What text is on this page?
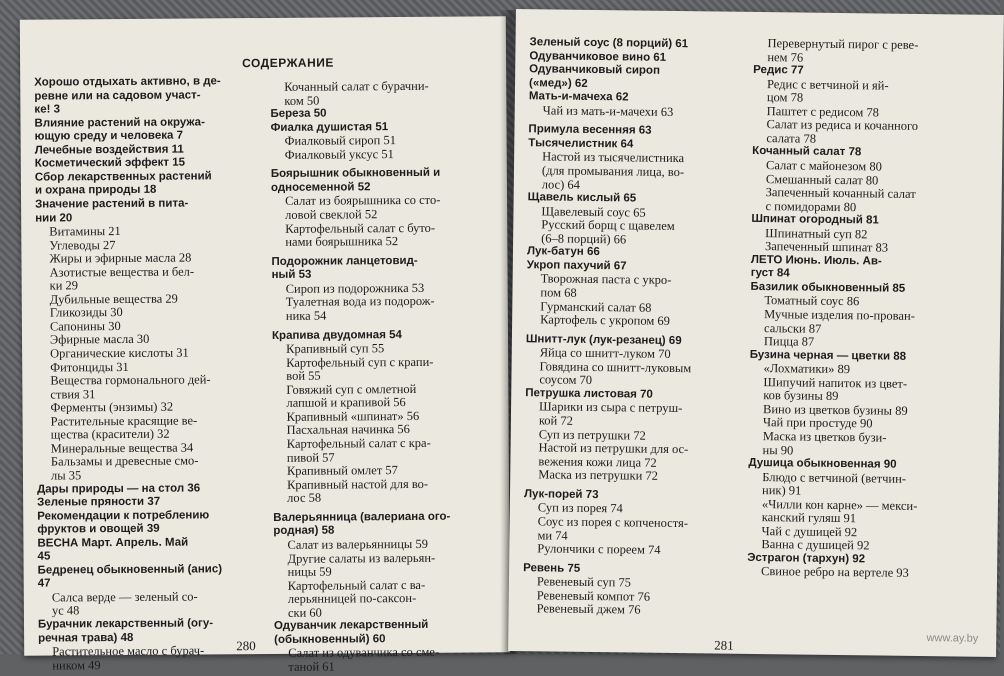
СОДЕРЖАНИЕ
Хорошо отдыхать активно, в де-
ревне или на садовом участ-
ке! 3
Влияние растений на окружа-
ющую среду и человека 7
Лечебные воздействия 11
Косметический эффект 15
Сбор лекарственных растений
и охрана природы 18
Значение растений в пита-
нии 20
Витамины 21
Углеводы 27
Жиры и эфирные масла 28
Азотистые вещества и бел-
ки 29
Дубильные вещества 29
Гликозиды 30
Сапонины 30
Эфирные масла 30
Органические кислоты 31
Фитонциды 31
Вещества гормонального дей-
ствия 31
Ферменты (энзимы) 32
Растительные красящие ве-
щества (красители) 32
Минеральные вещества 34
Бальзамы и древесные смо-
лы 35
Дары природы — на стол 36
Зеленые пряности 37
Рекомендации к потреблению
фруктов и овощей 39
ВЕСНА Март. Апрель. Май
45
Бедренец обыкновенный (анис)
47
Салса верде — зеленый со-
ус 48
Бурачник лекарственный (огу-
речная трава) 48
Растительное масло с бурач-
ником 49
Кочанный салат с бурачни-
ком 50
Береза 50
Фиалка душистая 51
Фиалковый сироп 51
Фиалковый уксус 51
Боярышник обыкновенный и
односеменной 52
Салат из боярышника со сто-
ловой свеклой 52
Картофельный салат с буто-
нами боярышника 52
Подорожник ланцетовид-
ный 53
Сироп из подорожника 53
Туалетная вода из подорож-
ника 54
Крапива двудомная 54
Крапивный суп 55
Картофельный суп с крапи-
вой 55
Говяжий суп с омлетной
лапшой и крапивой 56
Крапивный «шпинат» 56
Пасхальная начинка 56
Картофельный салат с кра-
пивой 57
Крапивный омлет 57
Крапивный настой для во-
лос 58
Валерьянница (валериана ого-
родная) 58
Салат из валерьянницы 59
Другие салаты из валерьян-
ницы 59
Картофельный салат с ва-
лерьянницей по-саксон-
ски 60
Одуванчик лекарственный
(обыкновенный) 60
Салат из одуванчика со сме-
таной 61
280
Зеленый соус (8 порций) 61
Одуванчиковое вино 61
Одуванчиковый сироп
(«мед») 62
Мать-и-мачеха 62
Чай из мать-и-мачехи 63
Примула весенняя 63
Тысячелистник 64
Настой из тысячелистника
(для промывания лица, во-
лос) 64
Щавель кислый 65
Щавелевый соус 65
Русский борщ с щавелем
(6–8 порций) 66
Лук-батун 66
Укроп пахучий 67
Творожная паста с укро-
пом 68
Гурманский салат 68
Картофель с укропом 69
Шнитт-лук (лук-резанец) 69
Яйца со шнитт-луком 70
Говядина со шнитт-луковым
соусом 70
Петрушка листовая 70
Шарики из сыра с петруш-
кой 72
Суп из петрушки 72
Настой из петрушки для ос-
вежения кожи лица 72
Маска из петрушки 72
Лук-порей 73
Суп из порея 74
Соус из порея с копченостя-
ми 74
Рулончики с пореем 74
Ревень 75
Ревеневый суп 75
Ревеневый компот 76
Ревеневый джем 76
Перевернутый пирог с реве-
нем 76
Редис 77
Редис с ветчиной и яй-
цом 78
Паштет с редисом 78
Салат из редиса и кочанного
салата 78
Кочанный салат 78
Салат с майонезом 80
Смешанный салат 80
Запеченный кочанный салат
с помидорами 80
Шпинат огородный 81
Шпинатный суп 82
Запеченный шпинат 83
ЛЕТО Июнь. Июль. Ав-
густ 84
Базилик обыкновенный 85
Томатный соус 86
Мучные изделия по-прован-
сальски 87
Пицца 87
Бузина черная — цветки 88
«Лохматики» 89
Шипучий напиток из цвет-
ков бузины 89
Вино из цветков бузины 89
Чай при простуде 90
Маска из цветков бузи-
ны 90
Душица обыкновенная 90
Блюдо с ветчиной (ветчин-
ник) 91
«Чилли кон карне» — мекси-
канский гуляш 91
Чай с душицей 92
Ванна с душицей 92
Эстрагон (тархун) 92
Свиное ребро на вертеле 93
281	www.ay.by
